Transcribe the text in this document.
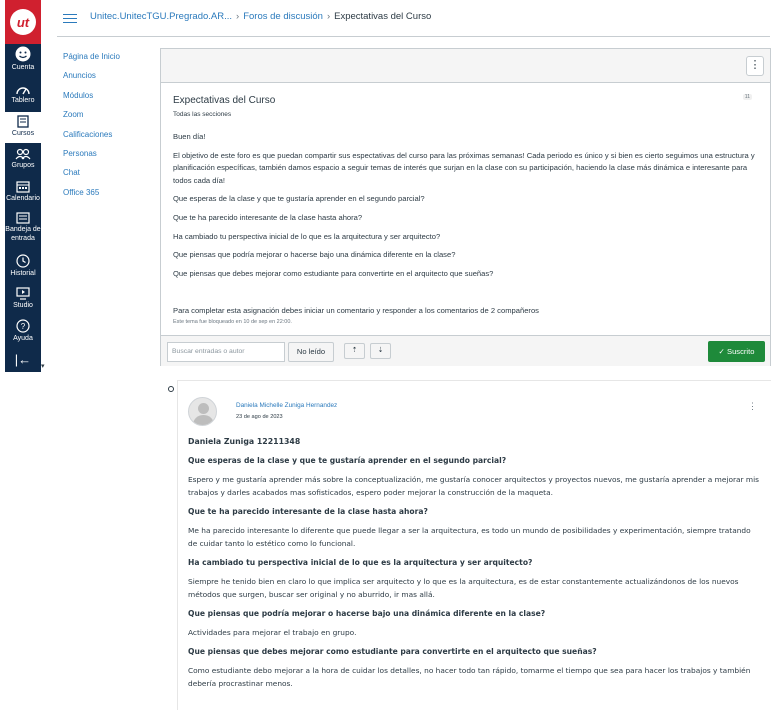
ut
Cuenta
Tablero
Cursos
Grupos
Calendario
Bandeja de entrada
Historial
Studio
?
Ayuda
|←	▾
Unitec.UnitecTGU.Pregrado.AR... › Foros de discusión › Expectativas del Curso
Página de Inicio
Anuncios
Módulos
Zoom
Calificaciones
Personas
Chat
Office 365
⋮
Expectativas del Curso
Todas las secciones
11

Buen día!

El objetivo de este foro es que puedan compartir sus espectativas del curso para las próximas semanas! Cada periodo es único y si bien es cierto seguimos una estructura y planificación específicas, también damos espacio a seguir temas de interés que surjan en la clase con su participación, haciendo la clase más dinámica e interesante para todos cada día!

Que esperas de la clase y que te gustaría aprender en el segundo parcial?

Que te ha parecido interesante de la clase hasta ahora?

Ha cambiado tu perspectiva inicial de lo que es la arquitectura y ser arquitecto?

Que piensas que podría mejorar o hacerse bajo una dinámica diferente en la clase?

Que piensas que debes mejorar como estudiante para convertirte en el arquitecto que sueñas?

Para completar esta asignación debes iniciar un comentario y responder a los comentarios de 2 compañeros
Este tema fue bloqueado en 10 de sep en 22:00.
Buscar entradas o autor	No leído	⇡	⇣	✓ Suscrito
Daniela Michelle Zuniga Hernandez
23 de ago de 2023
⋮
Daniela Zuniga 12211348
Que esperas de la clase y que te gustaría aprender en el segundo parcial?
Espero y me gustaría aprender más sobre la conceptualización, me gustaría conocer arquitectos y proyectos nuevos, me gustaría aprender a mejorar mis trabajos y darles acabados mas sofisticados, espero poder mejorar la construcción de la maqueta.
Que te ha parecido interesante de la clase hasta ahora?
Me ha parecido interesante lo diferente que puede llegar a ser la arquitectura, es todo un mundo de posibilidades y experimentación, siempre tratando de cuidar tanto lo estético como lo funcional.
Ha cambiado tu perspectiva inicial de lo que es la arquitectura y ser arquitecto?
Siempre he tenido bien en claro lo que implica ser arquitecto y lo que es la arquitectura, es de estar constantemente actualizándonos de los nuevos métodos que surgen, buscar ser original y no aburrido, ir mas allá.
Que piensas que podría mejorar o hacerse bajo una dinámica diferente en la clase?
Actividades para mejorar el trabajo en grupo.
Que piensas que debes mejorar como estudiante para convertirte en el arquitecto que sueñas?
Como estudiante debo mejorar a la hora de cuidar los detalles, no hacer todo tan rápido, tomarme el tiempo que sea para hacer los trabajos y también debería procrastinar menos.
